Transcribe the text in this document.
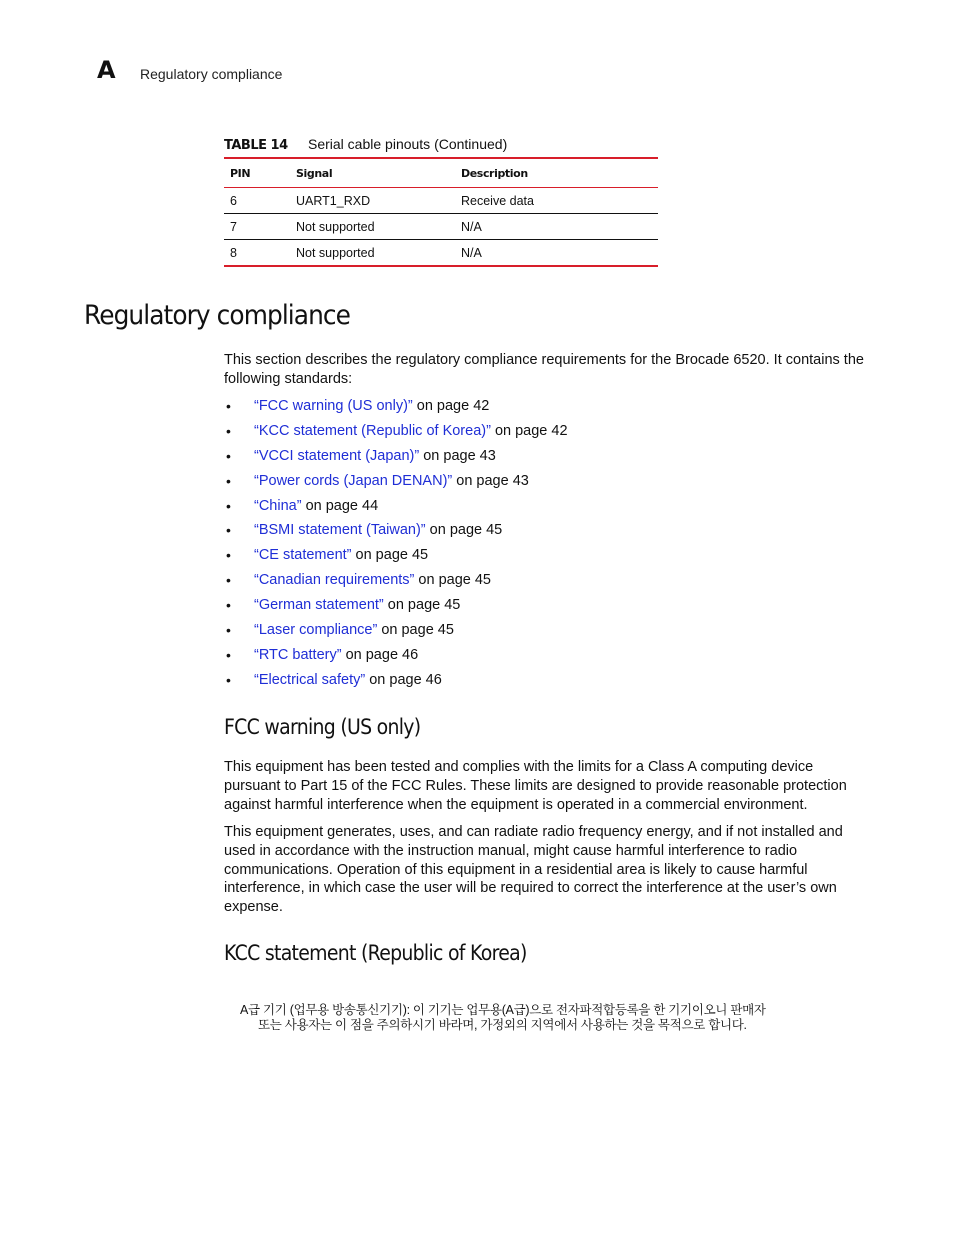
A Regulatory compliance
TABLE 14 Serial cable pinouts (Continued)
PIN	Signal	Description
6	UART1_RXD	Receive data
7	Not supported	N/A
8	Not supported	N/A
Regulatory compliance

This section describes the regulatory compliance requirements for the Brocade 6520. It contains the following standards:

• “FCC warning (US only)” on page 42
• “KCC statement (Republic of Korea)” on page 42
• “VCCI statement (Japan)” on page 43
• “Power cords (Japan DENAN)” on page 43
• “China” on page 44
• “BSMI statement (Taiwan)” on page 45
• “CE statement” on page 45
• “Canadian requirements” on page 45
• “German statement” on page 45
• “Laser compliance” on page 45
• “RTC battery” on page 46
• “Electrical safety” on page 46
FCC warning (US only)

This equipment has been tested and complies with the limits for a Class A computing device pursuant to Part 15 of the FCC Rules. These limits are designed to provide reasonable protection against harmful interference when the equipment is operated in a commercial environment.

This equipment generates, uses, and can radiate radio frequency energy, and if not installed and used in accordance with the instruction manual, might cause harmful interference to radio communications. Operation of this equipment in a residential area is likely to cause harmful interference, in which case the user will be required to correct the interference at the user’s own expense.

KCC statement (Republic of Korea)
A급 기기 (업무용 방송통신기기): 이 기기는 업무용(A급)으로 전자파적합등록을 한 기기이오니 판매자
또는 사용자는 이 점을 주의하시기 바라며, 가정외의 지역에서 사용하는 것을 목적으로 합니다.
